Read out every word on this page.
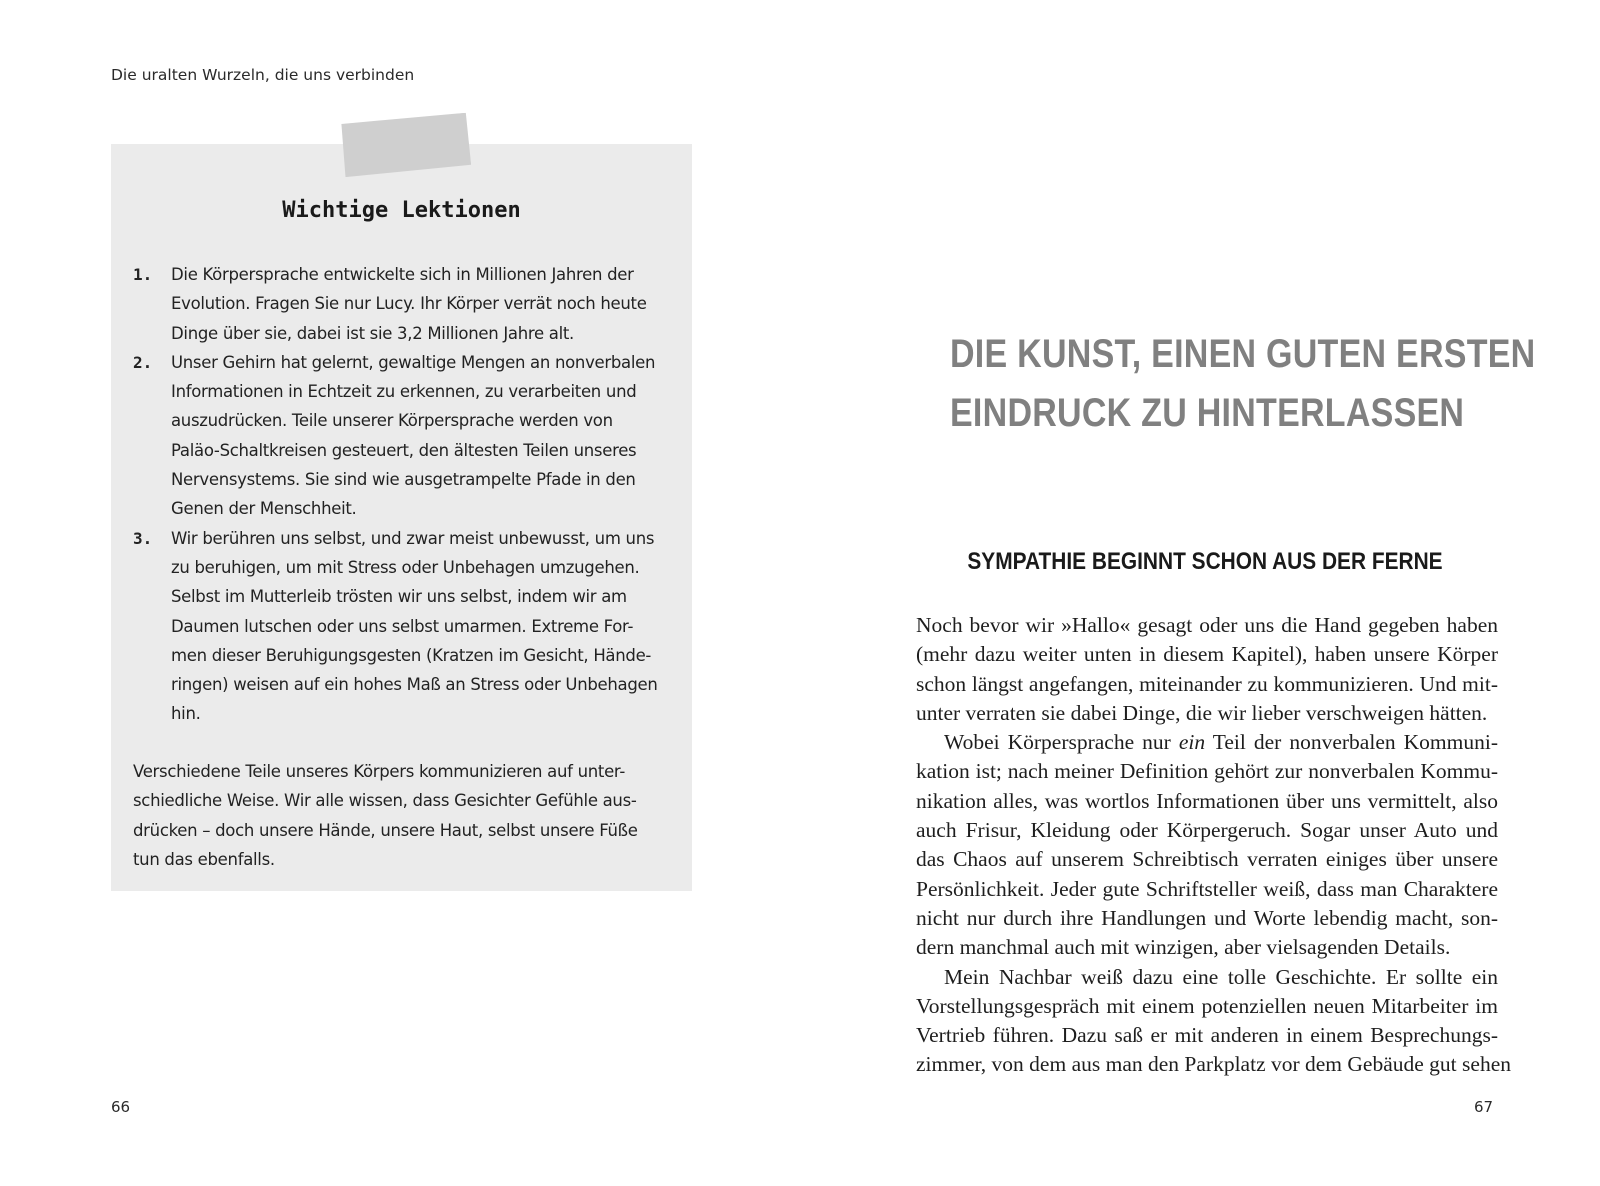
Die uralten Wurzeln, die uns verbinden
Wichtige Lektionen
1.	Die Körpersprache entwickelte sich in Millionen Jahren der
Evolution. Fragen Sie nur Lucy. Ihr Körper verrät noch heute
Dinge über sie, dabei ist sie 3,2 Millionen Jahre alt.
2.	Unser Gehirn hat gelernt, gewaltige Mengen an nonverbalen
Informationen in Echtzeit zu erkennen, zu verarbeiten und
auszudrücken. Teile unserer Körpersprache werden von
Paläo-Schaltkreisen gesteuert, den ältesten Teilen unseres
Nervensystems. Sie sind wie ausgetrampelte Pfade in den
Genen der Menschheit.
3.	Wir berühren uns selbst, und zwar meist unbewusst, um uns
zu beruhigen, um mit Stress oder Unbehagen umzugehen.
Selbst im Mutterleib trösten wir uns selbst, indem wir am
Daumen lutschen oder uns selbst umarmen. Extreme For-
men dieser Beruhigungsgesten (Kratzen im Gesicht, Hände-
ringen) weisen auf ein hohes Maß an Stress oder Unbehagen
hin.
Verschiedene Teile unseres Körpers kommunizieren auf unter-
schiedliche Weise. Wir alle wissen, dass Gesichter Gefühle aus-
drücken – doch unsere Hände, unsere Haut, selbst unsere Füße
tun das ebenfalls.
66
DIE KUNST, EINEN GUTEN ERSTEN
EINDRUCK ZU HINTERLASSEN
SYMPATHIE BEGINNT SCHON AUS DER FERNE
Noch bevor wir »Hallo« gesagt oder uns die Hand gegeben haben
(mehr dazu weiter unten in diesem Kapitel), haben unsere Körper
schon längst angefangen, miteinander zu kommunizieren. Und mit-
unter verraten sie dabei Dinge, die wir lieber verschweigen hätten.
Wobei Körpersprache nur ein Teil der nonverbalen Kommuni-
kation ist; nach meiner Definition gehört zur nonverbalen Kommu-
nikation alles, was wortlos Informationen über uns vermittelt, also
auch Frisur, Kleidung oder Körpergeruch. Sogar unser Auto und
das Chaos auf unserem Schreibtisch verraten einiges über unsere
Persönlichkeit. Jeder gute Schriftsteller weiß, dass man Charaktere
nicht nur durch ihre Handlungen und Worte lebendig macht, son-
dern manchmal auch mit winzigen, aber vielsagenden Details.
Mein Nachbar weiß dazu eine tolle Geschichte. Er sollte ein
Vorstellungsgespräch mit einem potenziellen neuen Mitarbeiter im
Vertrieb führen. Dazu saß er mit anderen in einem Besprechungs-
zimmer, von dem aus man den Parkplatz vor dem Gebäude gut sehen
67
